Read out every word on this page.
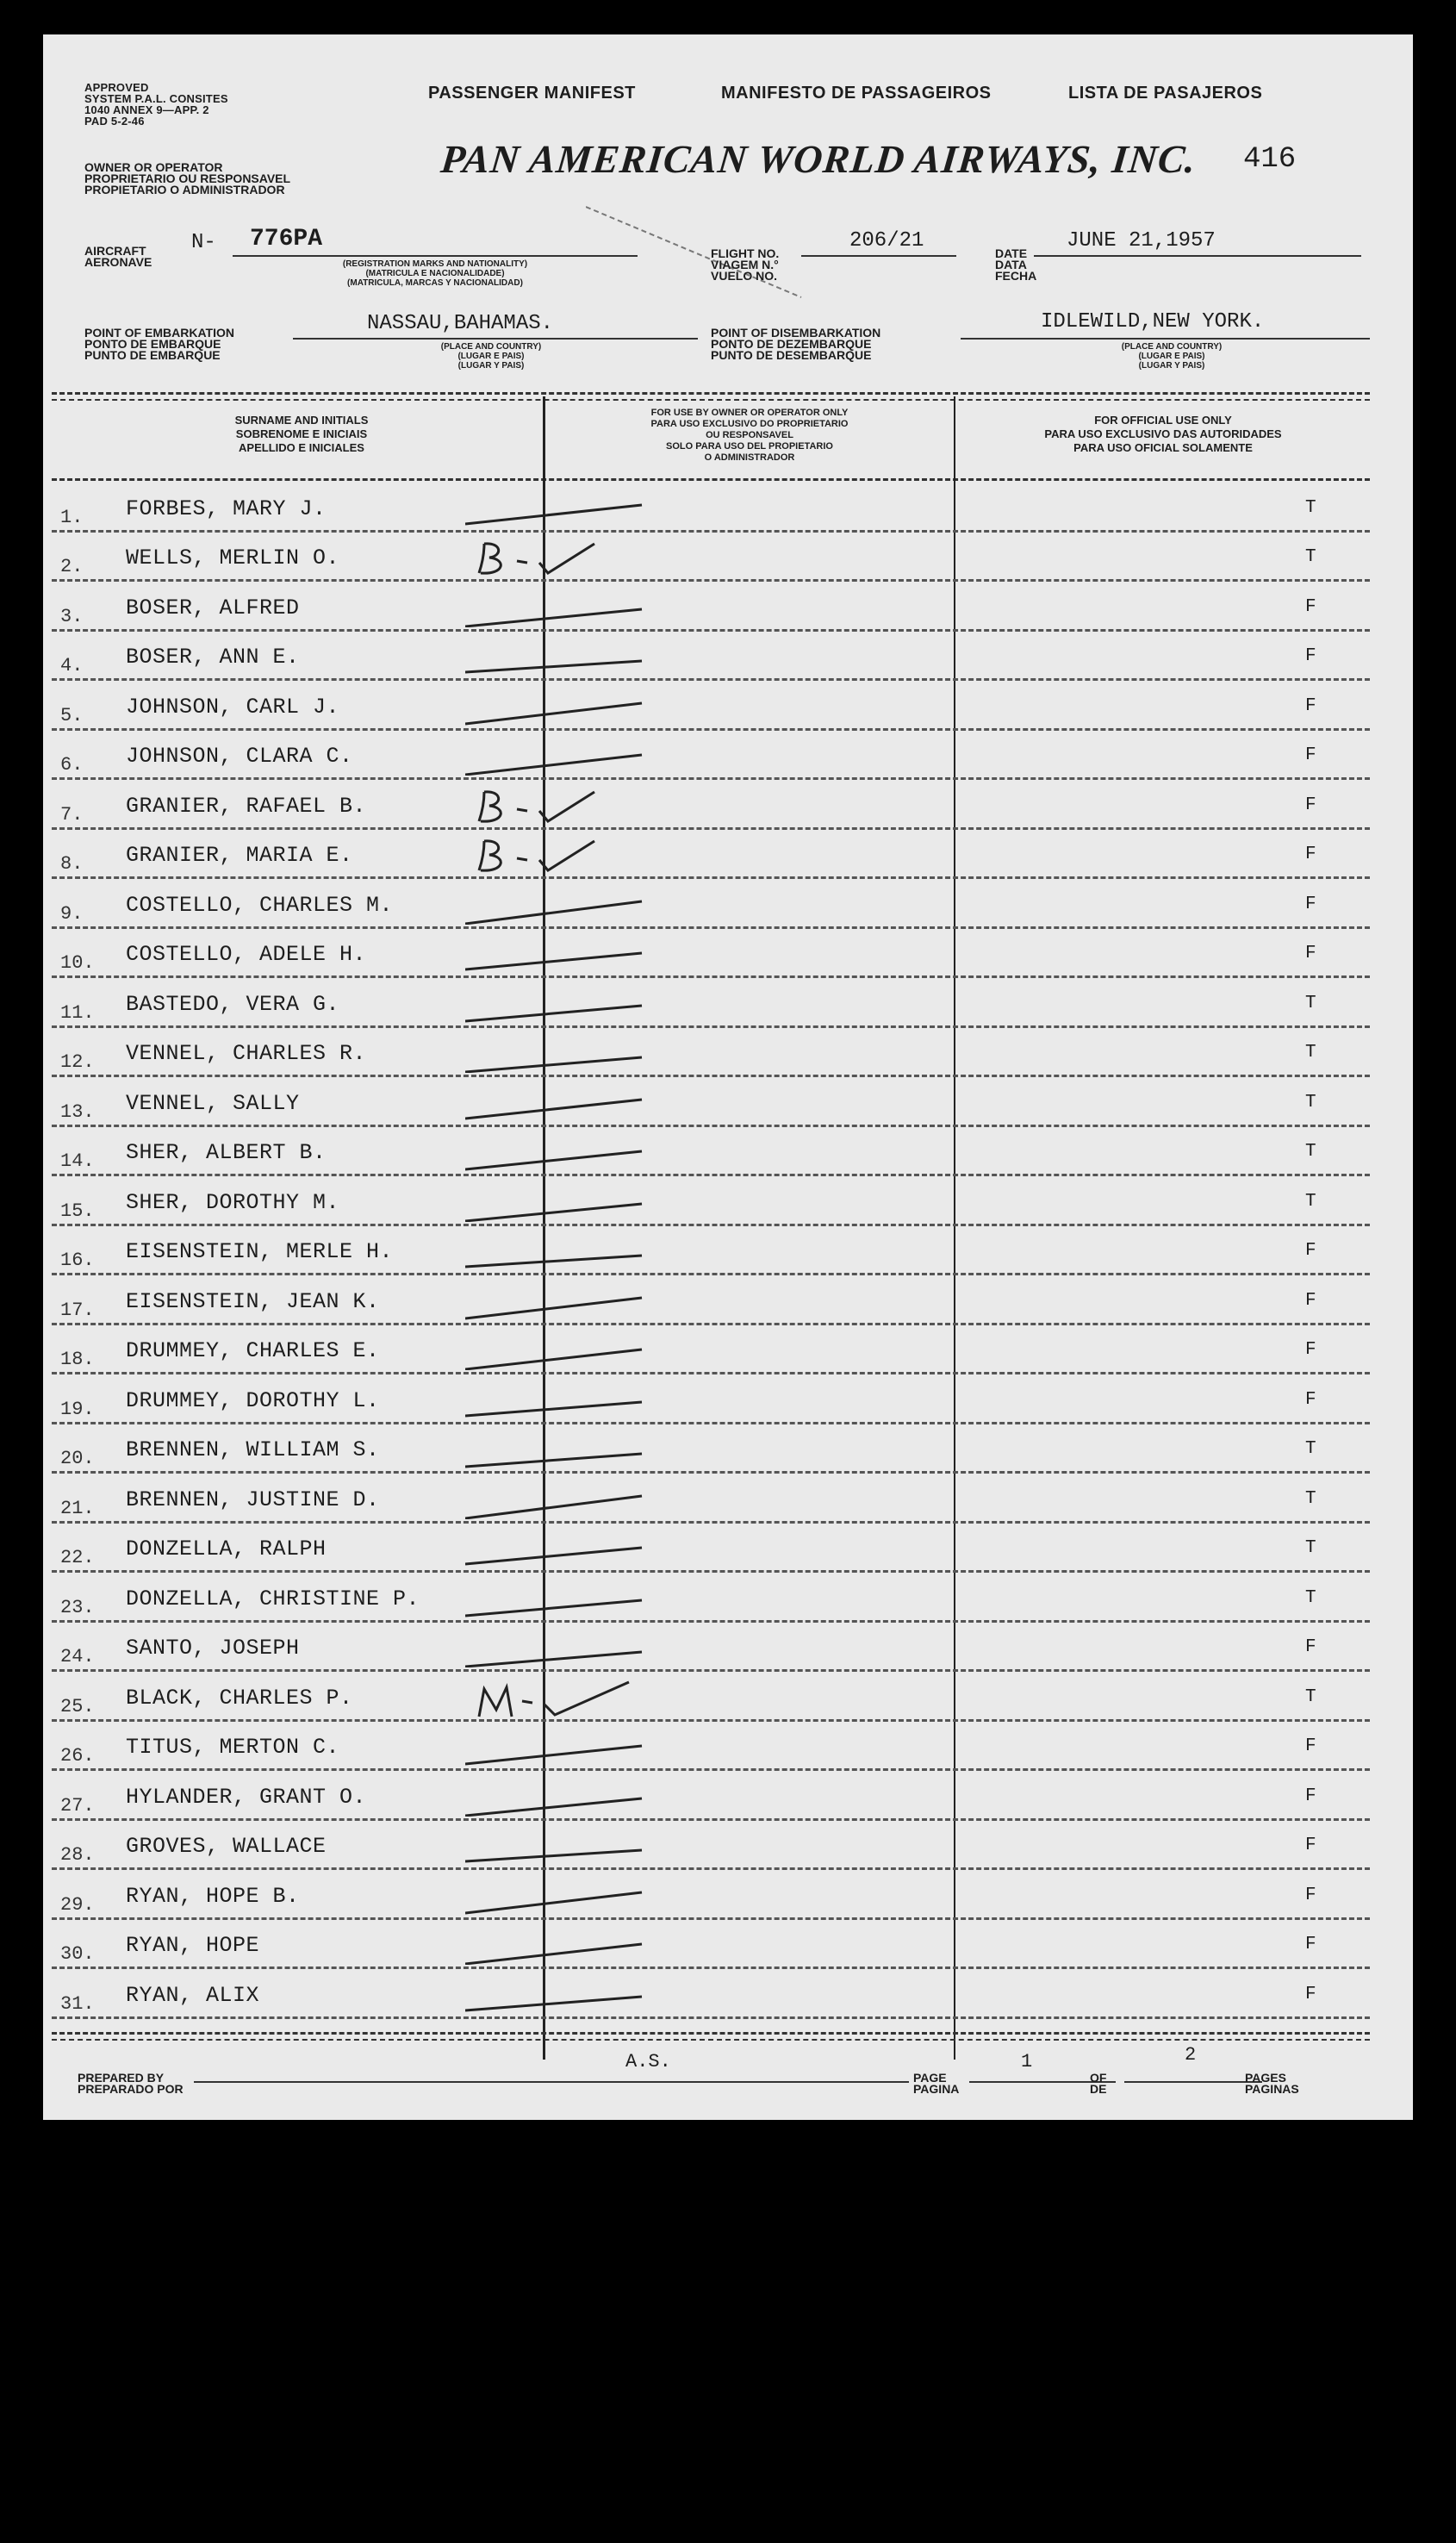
APPROVED
SYSTEM P.A.L. CONSITES
1040 ANNEX 9—APP. 2
PAD 5-2-46
PASSENGER MANIFEST	MANIFESTO DE PASSAGEIROS	LISTA DE PASAJEROS
OWNER OR OPERATOR
PROPRIETARIO OU RESPONSAVEL
PROPIETARIO O ADMINISTRADOR
PAN AMERICAN WORLD AIRWAYS, INC. 416
AIRCRAFT
AERONAVE
N- 776PA
(REGISTRATION MARKS AND NATIONALITY)
(MATRICULA E NACIONALIDADE)
(MATRICULA, MARCAS Y NACIONALIDAD)
FLIGHT NO.
VIAGEM N.°
VUELO NO.
206/21
DATE
DATA
FECHA
JUNE 21,1957
POINT OF EMBARKATION
PONTO DE EMBARQUE
PUNTO DE EMBARQUE
NASSAU,BAHAMAS.
(PLACE AND COUNTRY)
(LUGAR E PAIS)
(LUGAR Y PAIS)
POINT OF DISEMBARKATION
PONTO DE DEZEMBARQUE
PUNTO DE DESEMBARQUE
IDLEWILD,NEW YORK.
(PLACE AND COUNTRY)
(LUGAR E PAIS)
(LUGAR Y PAIS)
SURNAME AND INITIALS
SOBRENOME E INICIAIS
APELLIDO E INICIALES
FOR USE BY OWNER OR OPERATOR ONLY
PARA USO EXCLUSIVO DO PROPRIETARIO
OU RESPONSAVEL
SOLO PARA USO DEL PROPIETARIO
O ADMINISTRADOR
FOR OFFICIAL USE ONLY
PARA USO EXCLUSIVO DAS AUTORIDADES
PARA USO OFICIAL SOLAMENTE
1. FORBES, MARY J.	T
2. WELLS, MERLIN O.	T
3. BOSER, ALFRED	F
4. BOSER, ANN E.	F
5. JOHNSON, CARL J.	F
6. JOHNSON, CLARA C.	F
7. GRANIER, RAFAEL B.	F
8. GRANIER, MARIA E.	F
9. COSTELLO, CHARLES M.	F
10. COSTELLO, ADELE H.	F
11. BASTEDO, VERA G.	T
12. VENNEL, CHARLES R.	T
13. VENNEL, SALLY	T
14. SHER, ALBERT B.	T
15. SHER, DOROTHY M.	T
16. EISENSTEIN, MERLE H.	F
17. EISENSTEIN, JEAN K.	F
18. DRUMMEY, CHARLES E.	F
19. DRUMMEY, DOROTHY L.	F
20. BRENNEN, WILLIAM S.	T
21. BRENNEN, JUSTINE D.	T
22. DONZELLA, RALPH	T
23. DONZELLA, CHRISTINE P.	T
24. SANTO, JOSEPH	F
25. BLACK, CHARLES P.	T
26. TITUS, MERTON C.	F
27. HYLANDER, GRANT O.	F
28. GROVES, WALLACE	F
29. RYAN, HOPE B.	F
30. RYAN, HOPE	F
31. RYAN, ALIX	F
PREPARED BY
PREPARADO POR
A.S.
PAGE
PAGINA
1
OF
DE
2
PAGES
PAGINAS
